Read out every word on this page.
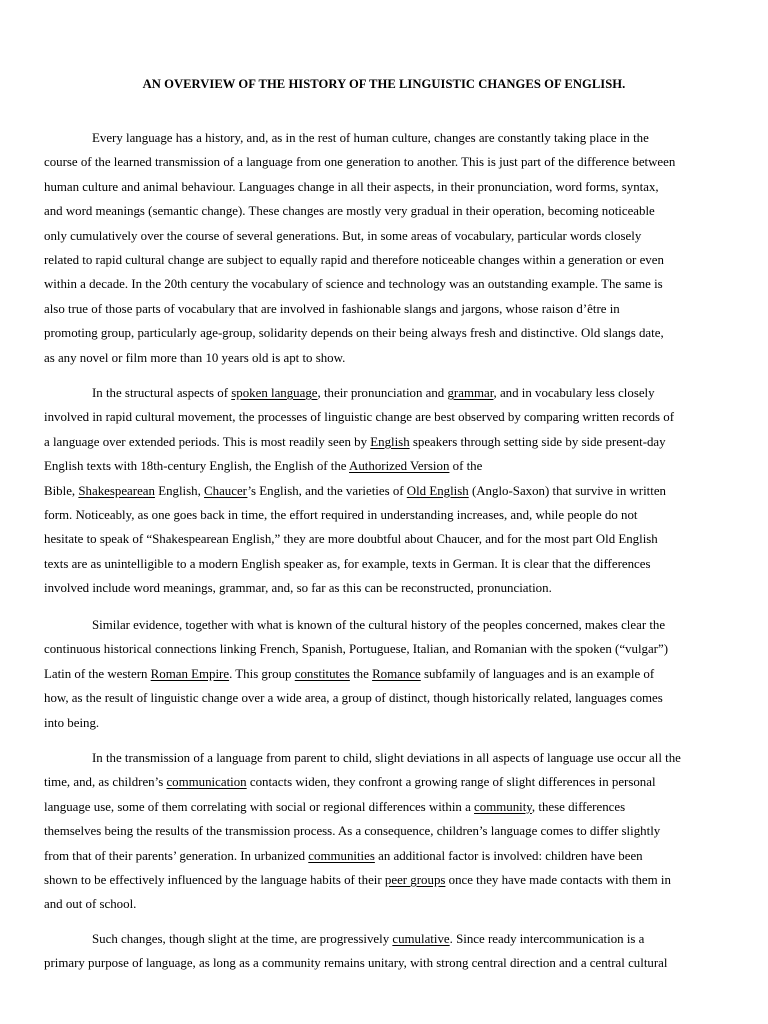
AN OVERVIEW OF THE HISTORY OF THE LINGUISTIC CHANGES OF ENGLISH.
Every language has a history, and, as in the rest of human culture, changes are constantly taking place in the
course of the learned transmission of a language from one generation to another. This is just part of the difference between
human culture and animal behaviour. Languages change in all their aspects, in their pronunciation, word forms, syntax,
and word meanings (semantic change). These changes are mostly very gradual in their operation, becoming noticeable
only cumulatively over the course of several generations. But, in some areas of vocabulary, particular words closely
related to rapid cultural change are subject to equally rapid and therefore noticeable changes within a generation or even
within a decade. In the 20th century the vocabulary of science and technology was an outstanding example. The same is
also true of those parts of vocabulary that are involved in fashionable slangs and jargons, whose raison d’être in
promoting group, particularly age-group, solidarity depends on their being always fresh and distinctive. Old slangs date,
as any novel or film more than 10 years old is apt to show.
In the structural aspects of spoken language, their pronunciation and grammar, and in vocabulary less closely
involved in rapid cultural movement, the processes of linguistic change are best observed by comparing written records of
a language over extended periods. This is most readily seen by English speakers through setting side by side present-day
English texts with 18th-century English, the English of the Authorized Version of the
Bible, Shakespearean English, Chaucer’s English, and the varieties of Old English (Anglo-Saxon) that survive in written
form. Noticeably, as one goes back in time, the effort required in understanding increases, and, while people do not
hesitate to speak of “Shakespearean English,” they are more doubtful about Chaucer, and for the most part Old English
texts are as unintelligible to a modern English speaker as, for example, texts in German. It is clear that the differences
involved include word meanings, grammar, and, so far as this can be reconstructed, pronunciation.
Similar evidence, together with what is known of the cultural history of the peoples concerned, makes clear the
continuous historical connections linking French, Spanish, Portuguese, Italian, and Romanian with the spoken (“vulgar”)
Latin of the western Roman Empire. This group constitutes the Romance subfamily of languages and is an example of
how, as the result of linguistic change over a wide area, a group of distinct, though historically related, languages comes
into being.
In the transmission of a language from parent to child, slight deviations in all aspects of language use occur all the
time, and, as children’s communication contacts widen, they confront a growing range of slight differences in personal
language use, some of them correlating with social or regional differences within a community, these differences
themselves being the results of the transmission process. As a consequence, children’s language comes to differ slightly
from that of their parents’ generation. In urbanized communities an additional factor is involved: children have been
shown to be effectively influenced by the language habits of their peer groups once they have made contacts with them in
and out of school.
Such changes, though slight at the time, are progressively cumulative. Since ready intercommunication is a
primary purpose of language, as long as a community remains unitary, with strong central direction and a central cultural
